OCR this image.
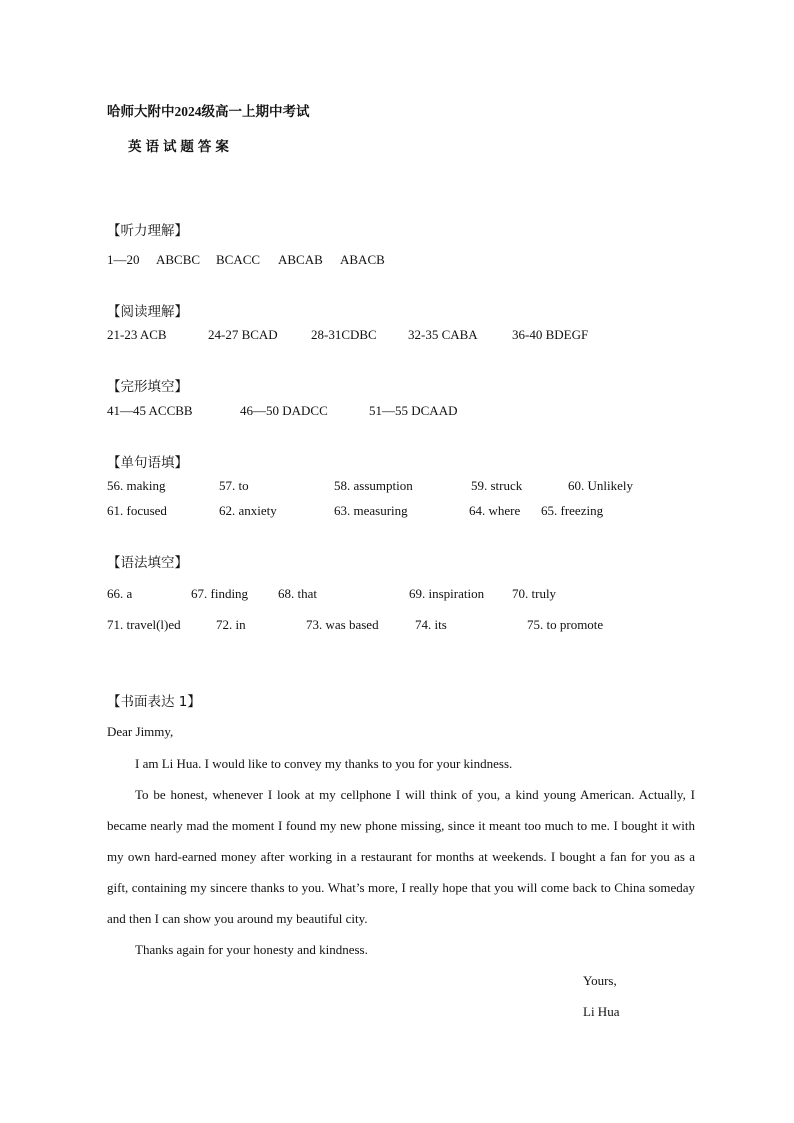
哈师大附中2024级高一上期中考试
英 语 试 题 答 案
【听力理解】
1—20 ABCBC BCACC ABCAB ABACB
【阅读理解】
21-23 ACB	24-27 BCAD	28-31CDBC 32-35 CABA	36-40 BDEGF
【完形填空】
41—45 ACCBB	46—50 DADCC	51—55 DCAAD
【单句语填】
56. making	57. to	58. assumption	59. struck	60. Unlikely
61. focused	62. anxiety	63. measuring	64. where 65. freezing
【语法填空】
66. a	67. finding 68. that	69. inspiration 70. truly
71. travel(l)ed	72. in	73. was based	74. its	75. to promote
【书面表达 1】
Dear Jimmy,
I am Li Hua. I would like to convey my thanks to you for your kindness.
To be honest, whenever I look at my cellphone I will think of you, a kind young American. Actually, I became nearly mad the moment I found my new phone missing, since it meant too much to me. I bought it with my own hard-earned money after working in a restaurant for months at weekends. I bought a fan for you as a gift, containing my sincere thanks to you. What’s more, I really hope that you will come back to China someday and then I can show you around my beautiful city.
Thanks again for your honesty and kindness.
Yours,
Li Hua
